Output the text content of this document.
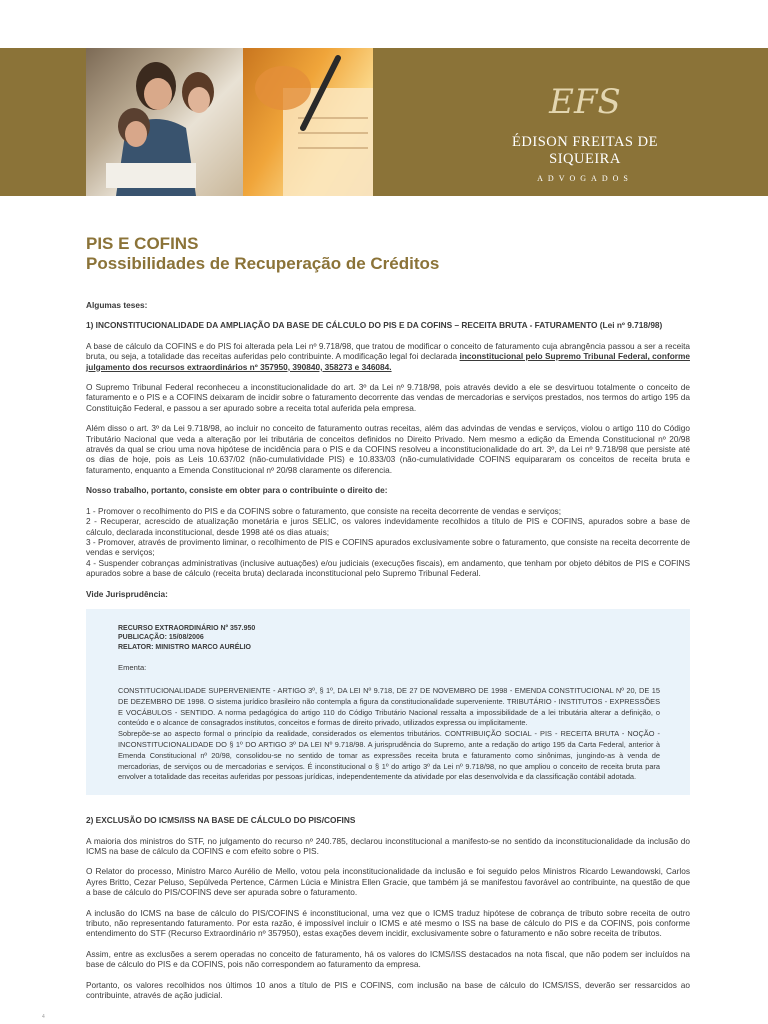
EFS
ÉDISON FREITAS DE SIQUEIRA
ADVOGADOS
PIS E COFINS
Possibilidades de Recuperação de Créditos
Algumas teses:
1) INCONSTITUCIONALIDADE DA AMPLIAÇÃO DA BASE DE CÁLCULO DO PIS E DA COFINS – RECEITA BRUTA - FATURAMENTO (Lei nº 9.718/98)
A base de cálculo da COFINS e do PIS foi alterada pela Lei nº 9.718/98, que tratou de modificar o conceito de faturamento cuja abrangência passou a ser a receita bruta, ou seja, a totalidade das receitas auferidas pelo contribuinte. A modificação legal foi declarada inconstitucional pelo Supremo Tribunal Federal, conforme julgamento dos recursos extraordinários nº 357950, 390840, 358273 e 346084.
O Supremo Tribunal Federal reconheceu a inconstitucionalidade do art. 3º da Lei nº 9.718/98, pois através devido a ele se desvirtuou totalmente o conceito de faturamento e o PIS e a COFINS deixaram de incidir sobre o faturamento decorrente das vendas de mercadorias e serviços prestados, nos termos do artigo 195 da Constituição Federal, e passou a ser apurado sobre a receita total auferida pela empresa.
Além disso o art. 3º da Lei 9.718/98, ao incluir no conceito de faturamento outras receitas, além das advindas de vendas e serviços, violou o artigo 110 do Código Tributário Nacional que veda a alteração por lei tributária de conceitos definidos no Direito Privado. Nem mesmo a edição da Emenda Constitucional nº 20/98 através da qual se criou uma nova hipótese de incidência para o PIS e da COFINS resolveu a inconstitucionalidade do art. 3º, da Lei nº 9.718/98 que persiste até os dias de hoje, pois as Leis 10.637/02 (não-cumulatividade PIS) e 10.833/03 (não-cumulatividade COFINS equipararam os conceitos de receita bruta e faturamento, enquanto a Emenda Constitucional nº 20/98 claramente os diferencia.
Nosso trabalho, portanto, consiste em obter para o contribuinte o direito de:
1 - Promover o recolhimento do PIS e da COFINS sobre o faturamento, que consiste na receita decorrente de vendas e serviços;
2 - Recuperar, acrescido de atualização monetária e juros SELIC, os valores indevidamente recolhidos a título de PIS e COFINS, apurados sobre a base de cálculo, declarada inconstitucional, desde 1998 até os dias atuais;
3 - Promover, através de provimento liminar, o recolhimento de PIS e COFINS apurados exclusivamente sobre o faturamento, que consiste na receita decorrente de vendas e serviços;
4 - Suspender cobranças administrativas (inclusive autuações) e/ou judiciais (execuções fiscais), em andamento, que tenham por objeto débitos de PIS e COFINS apurados sobre a base de cálculo (receita bruta) declarada inconstitucional pelo Supremo Tribunal Federal.
Vide Jurisprudência:
RECURSO EXTRAORDINÁRIO Nº 357.950
PUBLICAÇÃO: 15/08/2006
RELATOR: MINISTRO MARCO AURÉLIO
Ementa:
CONSTITUCIONALIDADE SUPERVENIENTE - ARTIGO 3º, § 1º, DA LEI Nº 9.718, DE 27 DE NOVEMBRO DE 1998 - EMENDA CONSTITUCIONAL Nº 20, DE 15 DE DEZEMBRO DE 1998. O sistema jurídico brasileiro não contempla a figura da constitucionalidade superveniente. TRIBUTÁRIO - INSTITUTOS - EXPRESSÕES E VOCÁBULOS - SENTIDO. A norma pedagógica do artigo 110 do Código Tributário Nacional ressalta a impossibilidade de a lei tributária alterar a definição, o conteúdo e o alcance de consagrados institutos, conceitos e formas de direito privado, utilizados expressa ou implicitamente.
Sobrepõe-se ao aspecto formal o princípio da realidade, considerados os elementos tributários. CONTRIBUIÇÃO SOCIAL - PIS - RECEITA BRUTA - NOÇÃO - INCONSTITUCIONALIDADE DO § 1º DO ARTIGO 3º DA LEI Nº 9.718/98. A jurisprudência do Supremo, ante a redação do artigo 195 da Carta Federal, anterior à Emenda Constitucional nº 20/98, consolidou-se no sentido de tomar as expressões receita bruta e faturamento como sinônimas, jungindo-as à venda de mercadorias, de serviços ou de mercadorias e serviços. É inconstitucional o § 1º do artigo 3º da Lei nº 9.718/98, no que ampliou o conceito de receita bruta para envolver a totalidade das receitas auferidas por pessoas jurídicas, independentemente da atividade por elas desenvolvida e da classificação contábil adotada.
2) EXCLUSÃO DO ICMS/ISS NA BASE DE CÁLCULO DO PIS/COFINS
A maioria dos ministros do STF, no julgamento do recurso nº 240.785, declarou inconstitucional a manifesto-se no sentido da inconstitucionalidade da inclusão do ICMS na base de cálculo da COFINS e com efeito sobre o PIS.
O Relator do processo, Ministro Marco Aurélio de Mello, votou pela inconstitucionalidade da inclusão e foi seguido pelos Ministros Ricardo Lewandowski, Carlos Ayres Britto, Cezar Peluso, Sepúlveda Pertence, Cármen Lúcia e Ministra Ellen Gracie, que também já se manifestou favorável ao contribuinte, na questão de que a base de cálculo do PIS/COFINS deve ser apurada sobre o faturamento.
A inclusão do ICMS na base de cálculo do PIS/COFINS é inconstitucional, uma vez que o ICMS traduz hipótese de cobrança de tributo sobre receita de outro tributo, não representando faturamento. Por esta razão, é impossível incluir o ICMS e até mesmo o ISS na base de cálculo do PIS e da COFINS, pois conforme entendimento do STF (Recurso Extraordinário nº 357950), estas exações devem incidir, exclusivamente sobre o faturamento e não sobre receita de tributos.
Assim, entre as exclusões a serem operadas no conceito de faturamento, há os valores do ICMS/ISS destacados na nota fiscal, que não podem ser incluídos na base de cálculo do PIS e da COFINS, pois não correspondem ao faturamento da empresa.
Portanto, os valores recolhidos nos últimos 10 anos a título de PIS e COFINS, com inclusão na base de cálculo do ICMS/ISS, deverão ser ressarcidos ao contribuinte, através de ação judicial.
4
